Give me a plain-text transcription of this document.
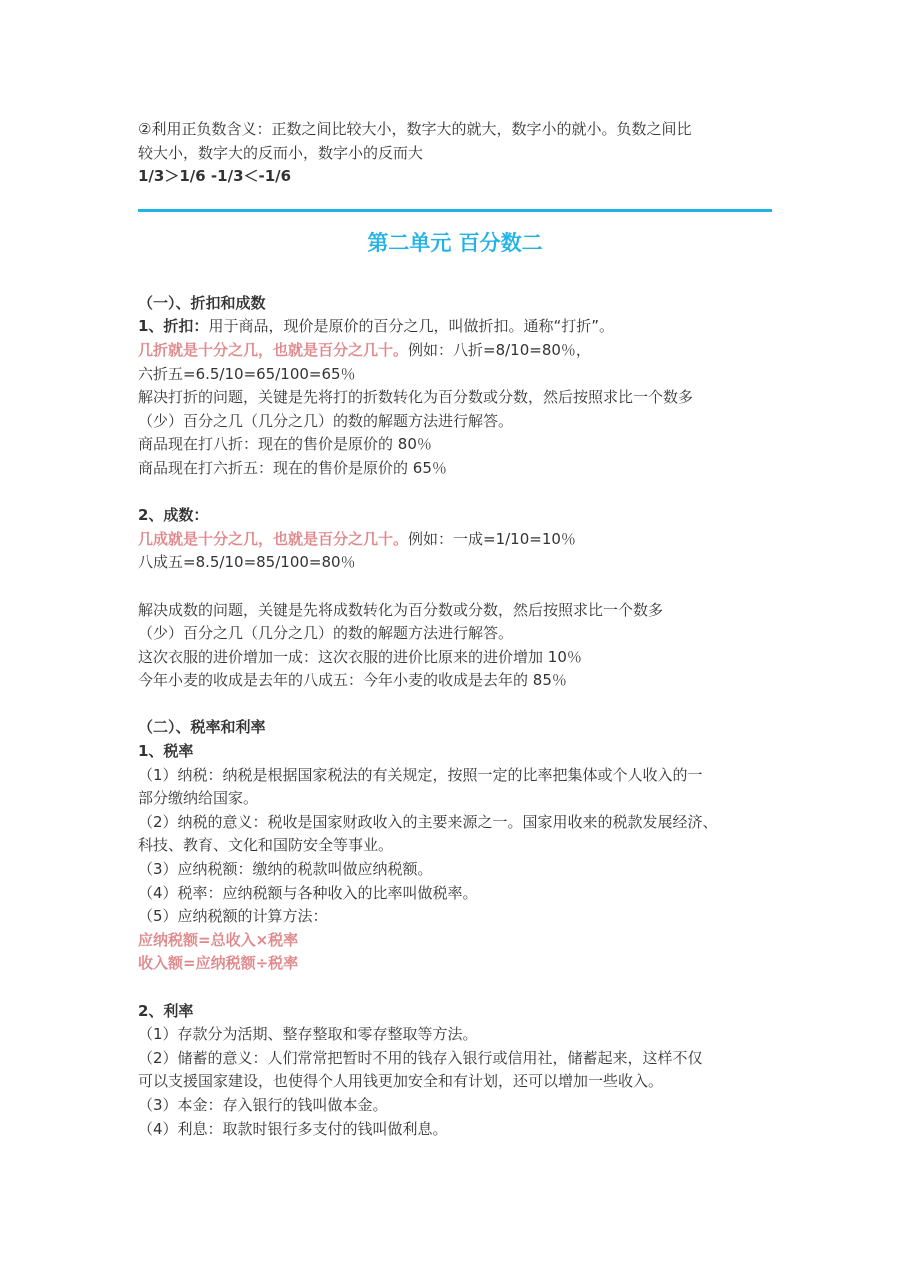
②利用正负数含义：正数之间比较大小，数字大的就大，数字小的就小。负数之间比
较大小，数字大的反而小，数字小的反而大
1/3＞1/6 -1/3＜-1/6
第二单元 百分数二
（一）、折扣和成数
1、折扣：用于商品，现价是原价的百分之几，叫做折扣。通称“打折”。
几折就是十分之几，也就是百分之几十。例如：八折=8/10=80％，
六折五=6.5/10=65/100=65％
解决打折的问题，关键是先将打的折数转化为百分数或分数，然后按照求比一个数多
（少）百分之几（几分之几）的数的解题方法进行解答。
商品现在打八折：现在的售价是原价的 80％
商品现在打六折五：现在的售价是原价的 65％
2、成数：
几成就是十分之几，也就是百分之几十。例如：一成=1/10=10％
八成五=8.5/10=85/100=80％
解决成数的问题，关键是先将成数转化为百分数或分数，然后按照求比一个数多
（少）百分之几（几分之几）的数的解题方法进行解答。
这次衣服的进价增加一成：这次衣服的进价比原来的进价增加 10％
今年小麦的收成是去年的八成五：今年小麦的收成是去年的 85％
（二）、税率和利率
1、税率
（1）纳税：纳税是根据国家税法的有关规定，按照一定的比率把集体或个人收入的一
部分缴纳给国家。
（2）纳税的意义：税收是国家财政收入的主要来源之一。国家用收来的税款发展经济、
科技、教育、文化和国防安全等事业。
（3）应纳税额：缴纳的税款叫做应纳税额。
（4）税率：应纳税额与各种收入的比率叫做税率。
（5）应纳税额的计算方法：
应纳税额=总收入×税率
收入额=应纳税额÷税率
2、利率
（1）存款分为活期、整存整取和零存整取等方法。
（2）储蓄的意义：人们常常把暂时不用的钱存入银行或信用社，储蓄起来，这样不仅
可以支援国家建设，也使得个人用钱更加安全和有计划，还可以增加一些收入。
（3）本金：存入银行的钱叫做本金。
（4）利息：取款时银行多支付的钱叫做利息。
